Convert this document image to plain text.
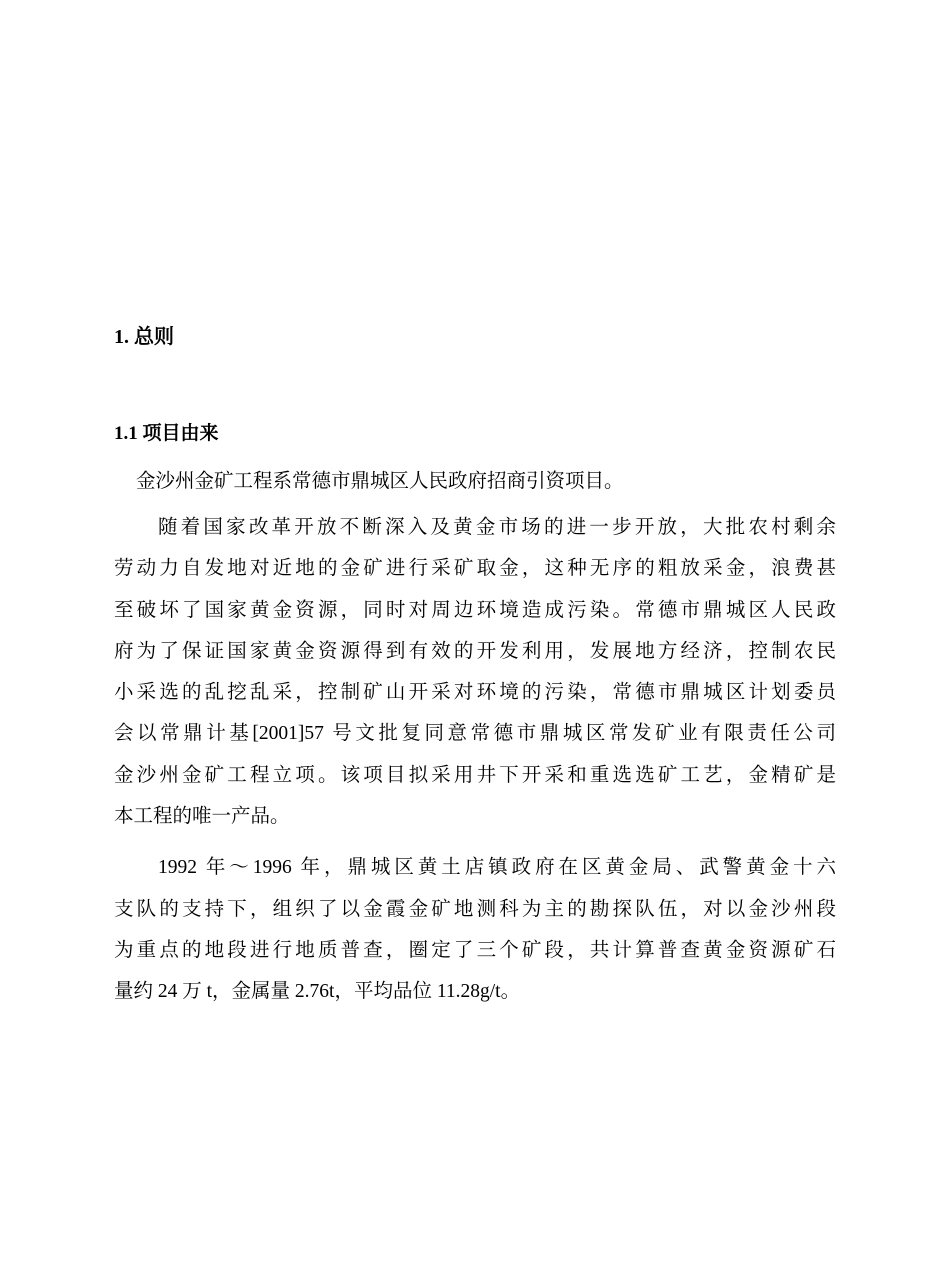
1. 总则
1.1 项目由来

金沙州金矿工程系常德市鼎城区人民政府招商引资项目。

随着国家改革开放不断深入及黄金市场的进一步开放，大批农村剩余
劳动力自发地对近地的金矿进行采矿取金，这种无序的粗放采金，浪费甚
至破坏了国家黄金资源，同时对周边环境造成污染。常德市鼎城区人民政
府为了保证国家黄金资源得到有效的开发利用，发展地方经济，控制农民
小采选的乱挖乱采，控制矿山开采对环境的污染，常德市鼎城区计划委员
会以常鼎计基[2001]57 号文批复同意常德市鼎城区常发矿业有限责任公司
金沙州金矿工程立项。该项目拟采用井下开采和重选选矿工艺，金精矿是
本工程的唯一产品。

1992 年～1996 年，鼎城区黄土店镇政府在区黄金局、武警黄金十六
支队的支持下，组织了以金霞金矿地测科为主的勘探队伍，对以金沙州段
为重点的地段进行地质普查，圈定了三个矿段，共计算普查黄金资源矿石
量约 24 万 t，金属量 2.76t，平均品位 11.28g/t。
